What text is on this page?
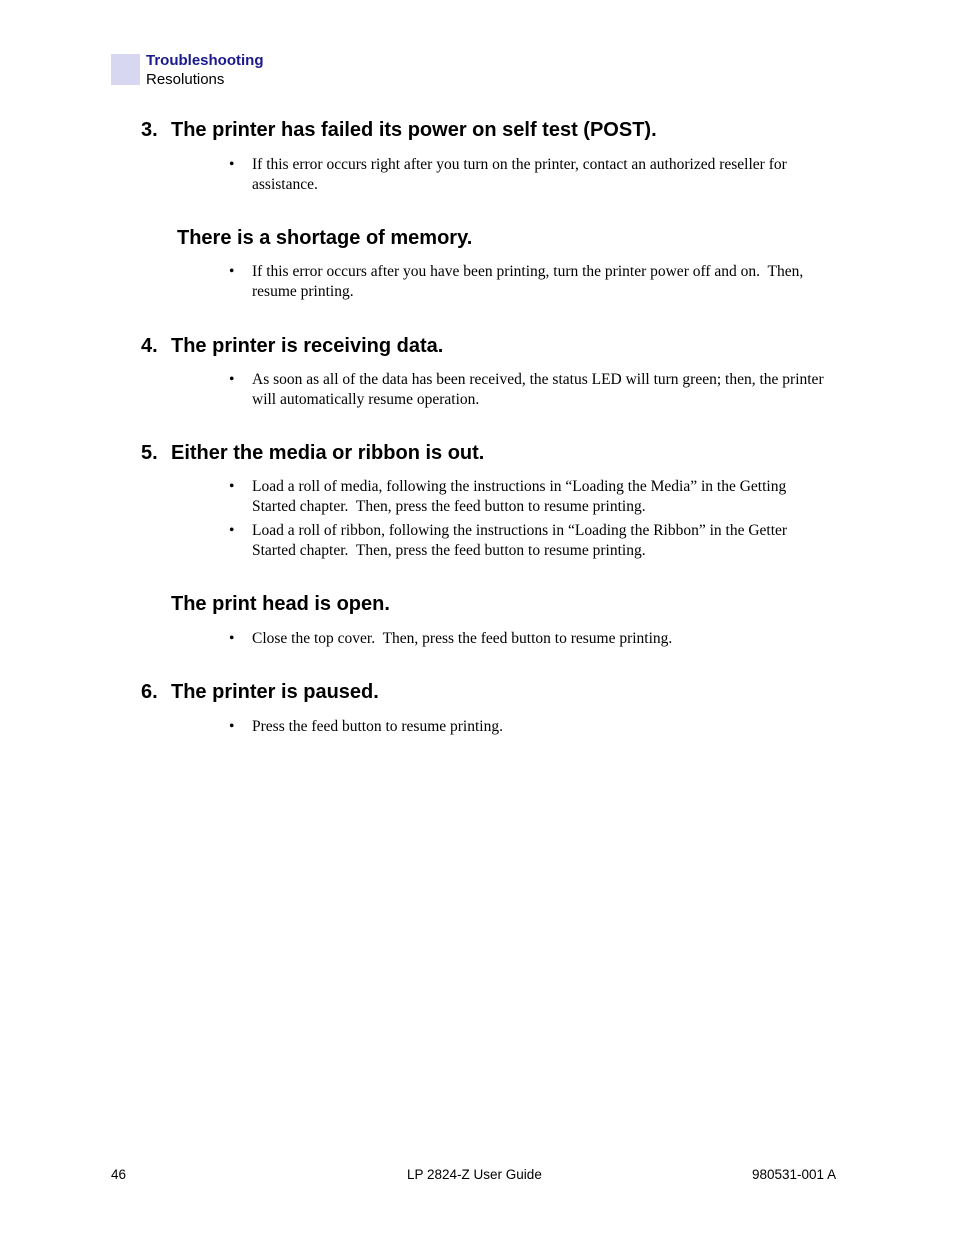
Troubleshooting
Resolutions
3. The printer has failed its power on self test (POST).
• If this error occurs right after you turn on the printer, contact an authorized reseller for assistance.
There is a shortage of memory.
• If this error occurs after you have been printing, turn the printer power off and on.  Then, resume printing.
4. The printer is receiving data.
• As soon as all of the data has been received, the status LED will turn green; then, the printer will automatically resume operation.
5. Either the media or ribbon is out.
• Load a roll of media, following the instructions in “Loading the Media” in the Getting Started chapter.  Then, press the feed button to resume printing.
• Load a roll of ribbon, following the instructions in “Loading the Ribbon” in the Getter Started chapter.  Then, press the feed button to resume printing.
The print head is open.
• Close the top cover.  Then, press the feed button to resume printing.
6. The printer is paused.
• Press the feed button to resume printing.
46	LP 2824-Z User Guide	980531-001 A
